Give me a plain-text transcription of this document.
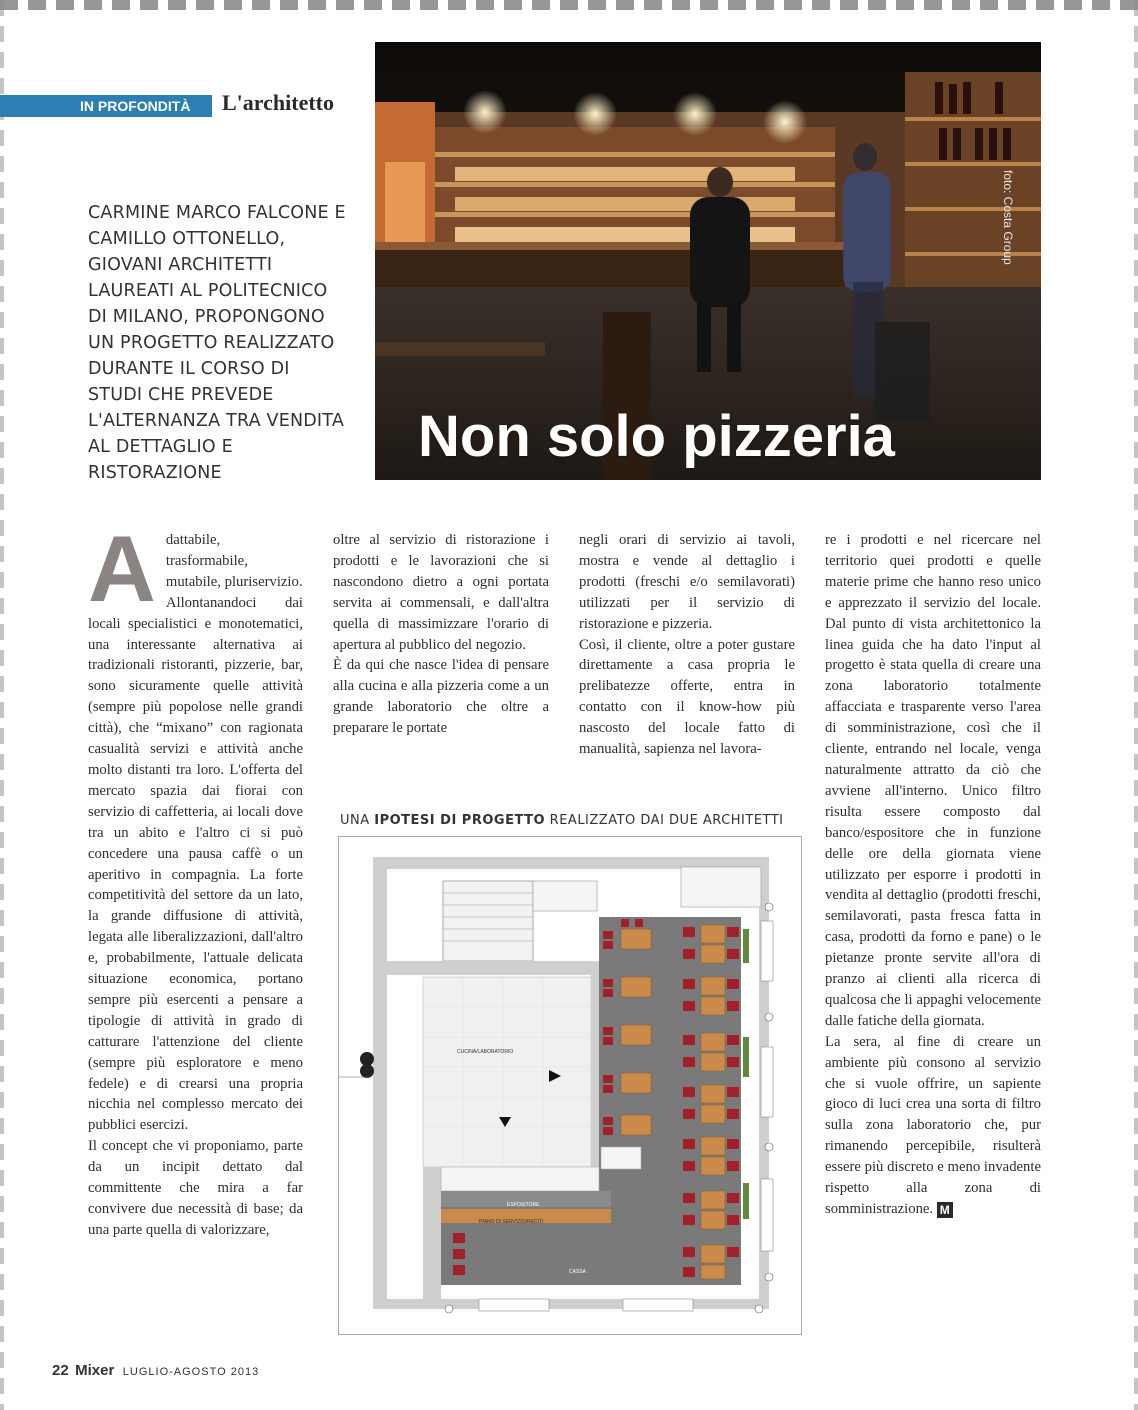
IN PROFONDITÀ L'architetto
CARMINE MARCO FALCONE E CAMILLO OTTONELLO, GIOVANI ARCHITETTI LAUREATI AL POLITECNICO DI MILANO, PROPONGONO UN PROGETTO REALIZZATO DURANTE IL CORSO DI STUDI CHE PREVEDE L'ALTERNANZA TRA VENDITA AL DETTAGLIO E RISTORAZIONE
Non solo pizzeria
foto: Costa Group
A dattabile, trasformabile, mutabile, pluriservizio.

Allontanandoci dai locali specialistici e monotematici, una interessante alternativa ai tradizionali ristoranti, pizzerie, bar, sono sicuramente quelle attività (sempre più popolose nelle grandi città), che “mixano” con ragionata casualità servizi e attività anche molto distanti tra loro. L'offerta del mercato spazia dai fiorai con servizio di caffetteria, ai locali dove tra un abito e l'altro ci si può concedere una pausa caffè o un aperitivo in compagnia. La forte competitività del settore da un lato, la grande diffusione di attività, legata alle liberalizzazioni, dall'altro e, probabilmente, l'attuale delicata situazione economica, portano sempre più esercenti a pensare a tipologie di attività in grado di catturare l'attenzione del cliente (sempre più esploratore e meno fedele) e di crearsi una propria nicchia nel complesso mercato dei pubblici esercizi.

Il concept che vi proponiamo, parte da un incipit dettato dal committente che mira a far convivere due necessità di base; da una parte quella di valorizzare,

oltre al servizio di ristorazione i prodotti e le lavorazioni che si nascondono dietro a ogni portata servita ai commensali, e dall'altra quella di massimizzare l'orario di apertura al pubblico del negozio.

È da qui che nasce l'idea di pensare alla cucina e alla pizzeria come a un grande laboratorio che oltre a preparare le portate

negli orari di servizio ai tavoli, mostra e vende al dettaglio i prodotti (freschi e/o semilavorati) utilizzati per il servizio di ristorazione e pizzeria.

Così, il cliente, oltre a poter gustare direttamente a casa propria le prelibatezze offerte, entra in contatto con il know-how più nascosto del locale fatto di manualità, sapienza nel lavora-

re i prodotti e nel ricercare nel territorio quei prodotti e quelle materie prime che hanno reso unico e apprezzato il servizio del locale. Dal punto di vista architettonico la linea guida che ha dato l'input al progetto è stata quella di creare una zona laboratorio totalmente affacciata e trasparente verso l'area di somministrazione, così che il cliente, entrando nel locale, venga naturalmente attratto da ciò che avviene all'interno. Unico filtro risulta essere composto dal banco/espositore che in funzione delle ore della giornata viene utilizzato per esporre i prodotti in vendita al dettaglio (prodotti freschi, semilavorati, pasta fresca fatta in casa, prodotti da forno e pane) o le pietanze pronte servite all'ora di pranzo ai clienti alla ricerca di qualcosa che li appaghi velocemente dalle fatiche della giornata.

La sera, al fine di creare un ambiente più consono al servizio che si vuole offrire, un sapiente gioco di luci crea una sorta di filtro sulla zona laboratorio che, pur rimanendo percepibile, risulterà essere più discreto e meno invadente rispetto alla zona di somministrazione. M

UNA IPOTESI DI PROGETTO REALIZZATO DAI DUE ARCHITETTI
CUCINA/LABORATORIO
ESPOSITORE
PIANO DI SERVIZIO/RECITI
CASSA
22 Mixer LUGLIO-AGOSTO 2013
